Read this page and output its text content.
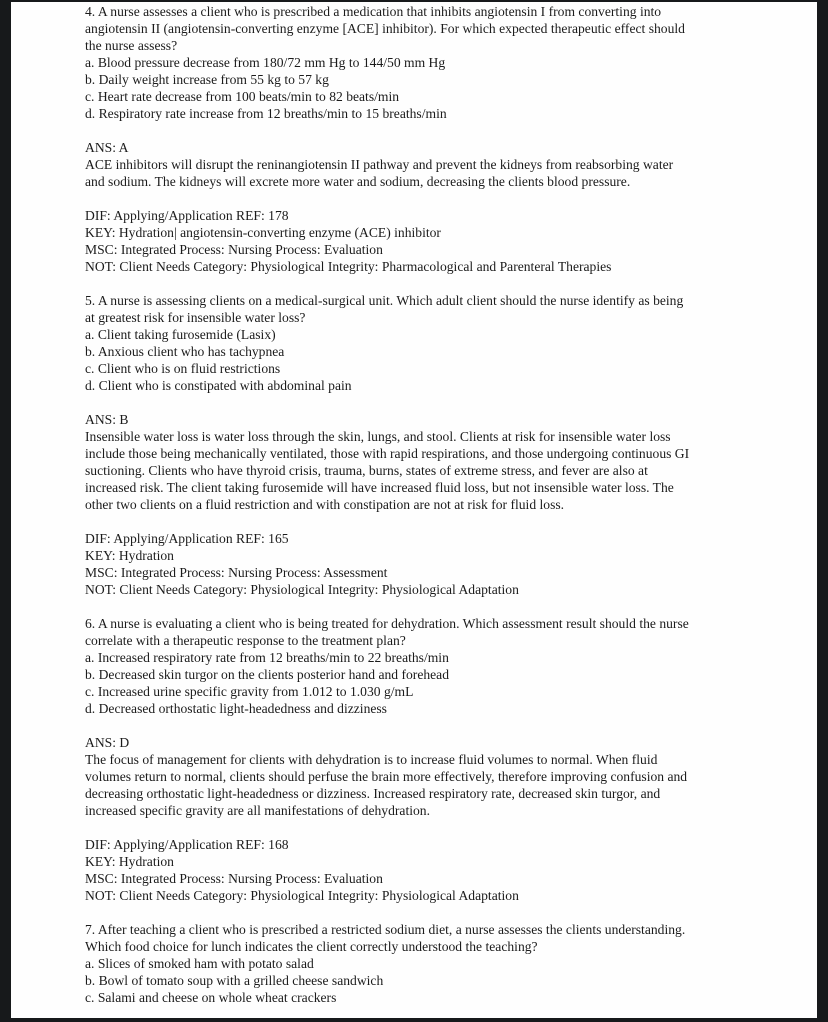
4. A nurse assesses a client who is prescribed a medication that inhibits angiotensin I from converting into
angiotensin II (angiotensin-converting enzyme [ACE] inhibitor). For which expected therapeutic effect should
the nurse assess?
a. Blood pressure decrease from 180/72 mm Hg to 144/50 mm Hg
b. Daily weight increase from 55 kg to 57 kg
c. Heart rate decrease from 100 beats/min to 82 beats/min
d. Respiratory rate increase from 12 breaths/min to 15 breaths/min

ANS: A
ACE inhibitors will disrupt the reninangiotensin II pathway and prevent the kidneys from reabsorbing water
and sodium. The kidneys will excrete more water and sodium, decreasing the clients blood pressure.

DIF: Applying/Application REF: 178
KEY: Hydration| angiotensin-converting enzyme (ACE) inhibitor
MSC: Integrated Process: Nursing Process: Evaluation
NOT: Client Needs Category: Physiological Integrity: Pharmacological and Parenteral Therapies

5. A nurse is assessing clients on a medical-surgical unit. Which adult client should the nurse identify as being
at greatest risk for insensible water loss?
a. Client taking furosemide (Lasix)
b. Anxious client who has tachypnea
c. Client who is on fluid restrictions
d. Client who is constipated with abdominal pain

ANS: B
Insensible water loss is water loss through the skin, lungs, and stool. Clients at risk for insensible water loss
include those being mechanically ventilated, those with rapid respirations, and those undergoing continuous GI
suctioning. Clients who have thyroid crisis, trauma, burns, states of extreme stress, and fever are also at
increased risk. The client taking furosemide will have increased fluid loss, but not insensible water loss. The
other two clients on a fluid restriction and with constipation are not at risk for fluid loss.

DIF: Applying/Application REF: 165
KEY: Hydration
MSC: Integrated Process: Nursing Process: Assessment
NOT: Client Needs Category: Physiological Integrity: Physiological Adaptation

6. A nurse is evaluating a client who is being treated for dehydration. Which assessment result should the nurse
correlate with a therapeutic response to the treatment plan?
a. Increased respiratory rate from 12 breaths/min to 22 breaths/min
b. Decreased skin turgor on the clients posterior hand and forehead
c. Increased urine specific gravity from 1.012 to 1.030 g/mL
d. Decreased orthostatic light-headedness and dizziness

ANS: D
The focus of management for clients with dehydration is to increase fluid volumes to normal. When fluid
volumes return to normal, clients should perfuse the brain more effectively, therefore improving confusion and
decreasing orthostatic light-headedness or dizziness. Increased respiratory rate, decreased skin turgor, and
increased specific gravity are all manifestations of dehydration.

DIF: Applying/Application REF: 168
KEY: Hydration
MSC: Integrated Process: Nursing Process: Evaluation
NOT: Client Needs Category: Physiological Integrity: Physiological Adaptation

7. After teaching a client who is prescribed a restricted sodium diet, a nurse assesses the clients understanding.
Which food choice for lunch indicates the client correctly understood the teaching?
a. Slices of smoked ham with potato salad
b. Bowl of tomato soup with a grilled cheese sandwich
c. Salami and cheese on whole wheat crackers
